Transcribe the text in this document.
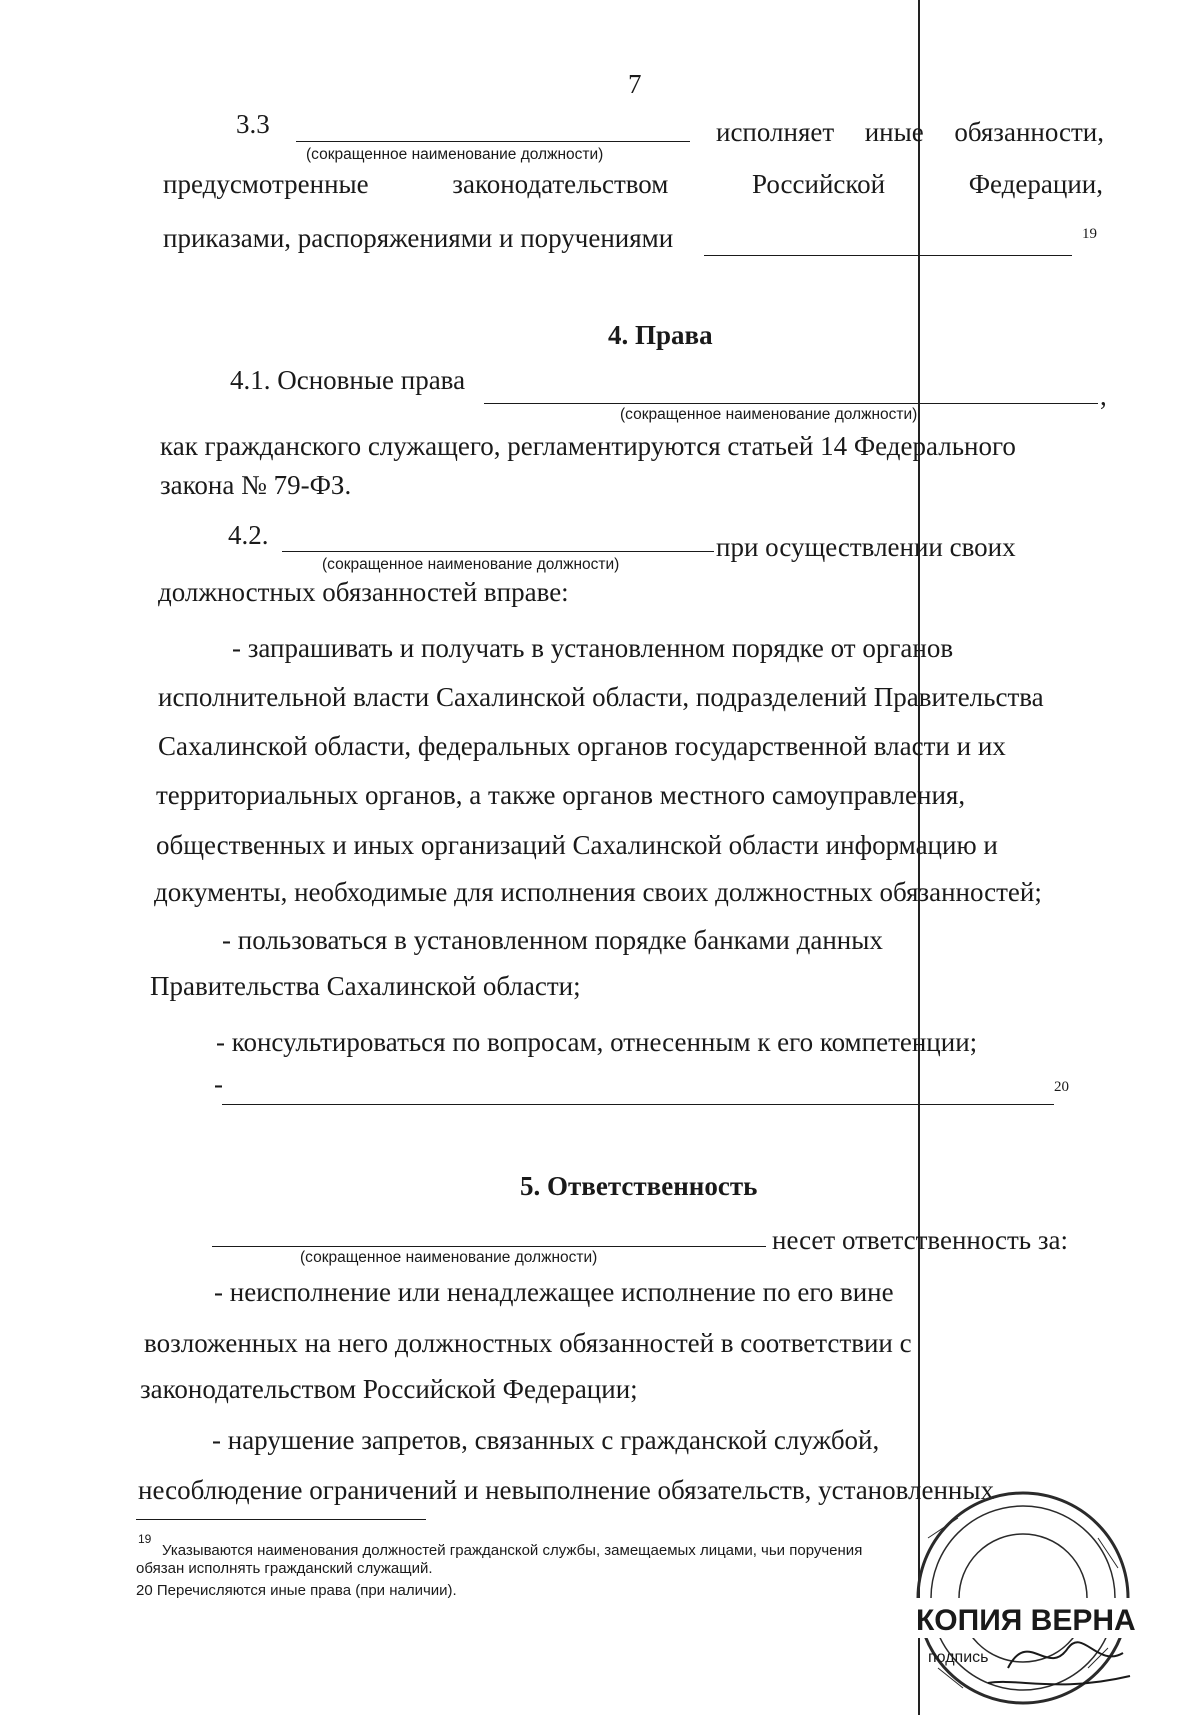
7
3.3
(сокращенное наименование должности)
исполняет иные обязанности,
предусмотренные	законодательством	Российской	Федерации,
приказами, распоряжениями и поручениями	19
4. Права
4.1. Основные права
,
(сокращенное наименование должности)
как гражданского служащего, регламентируются статьей 14 Федерального
закона № 79-ФЗ.
4.2.	при осуществлении своих
(сокращенное наименование должности)
должностных обязанностей вправе:
- запрашивать и получать в установленном порядке от органов
исполнительной власти Сахалинской области, подразделений Правительства
Сахалинской области, федеральных органов государственной власти и их
территориальных органов, а также органов местного самоуправления,
общественных и иных организаций Сахалинской области информацию и
документы, необходимые для исполнения своих должностных обязанностей;
- пользоваться в установленном порядке банками данных
Правительства Сахалинской области;
- консультироваться по вопросам, отнесенным к его компетенции;
-	20
5. Ответственность
несет ответственность за:
(сокращенное наименование должности)
- неисполнение или ненадлежащее исполнение по его вине
возложенных на него должностных обязанностей в соответствии с
законодательством Российской Федерации;
- нарушение запретов, связанных с гражданской службой,
несоблюдение ограничений и невыполнение обязательств, установленных
19
Указываются наименования должностей гражданской службы, замещаемых лицами, чьи поручения
обязан исполнять гражданский служащий.
20 Перечисляются иные права (при наличии).
КОПИЯ ВЕРНА
подпись
